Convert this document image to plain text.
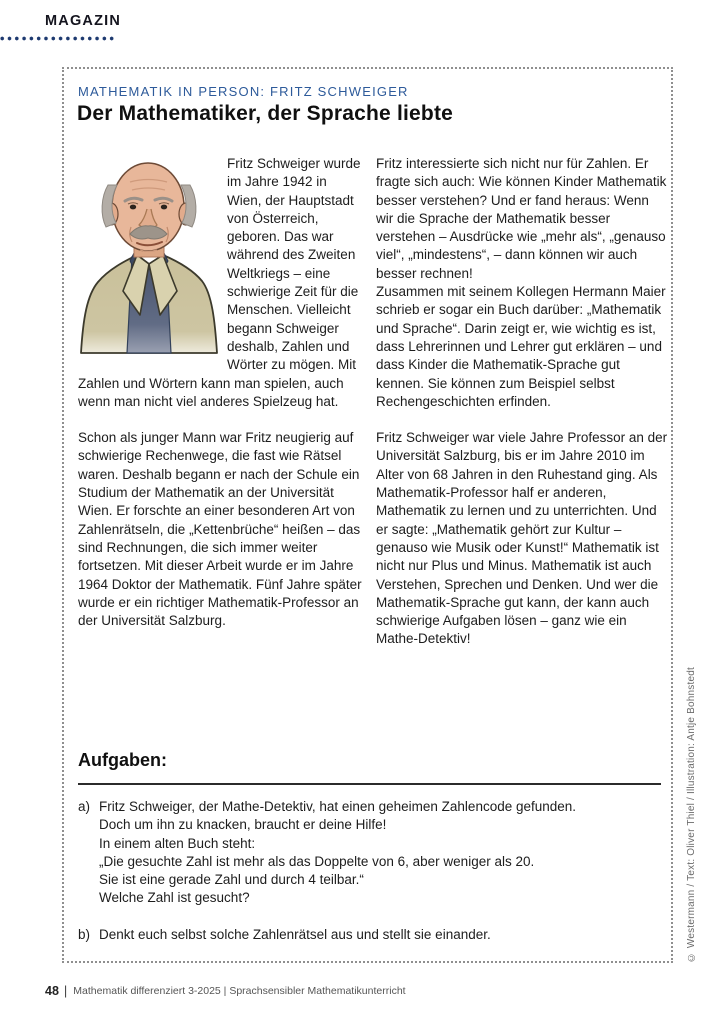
MAGAZIN
MATHEMATIK IN PERSON: FRITZ SCHWEIGER
Der Mathematiker, der Sprache liebte

Fritz Schweiger wurde im Jahre 1942 in Wien, der Hauptstadt von Österreich, geboren. Das war während des Zweiten Weltkriegs – eine schwierige Zeit für die Menschen. Vielleicht begann Schweiger deshalb, Zahlen und Wörter zu mögen. Mit Zahlen und Wörtern kann man spielen, auch wenn man nicht viel anderes Spielzeug hat.

Schon als junger Mann war Fritz neugierig auf schwierige Rechenwege, die fast wie Rätsel waren. Deshalb begann er nach der Schule ein Studium der Mathematik an der Universität Wien. Er forschte an einer besonderen Art von Zahlenrätseln, die „Kettenbrüche“ heißen – das sind Rechnungen, die sich immer weiter fortsetzen. Mit dieser Arbeit wurde er im Jahre 1964 Doktor der Mathematik. Fünf Jahre später wurde er ein richtiger Mathematik-Professor an der Universität Salzburg.

Fritz interessierte sich nicht nur für Zahlen. Er fragte sich auch: Wie können Kinder Mathematik besser verstehen? Und er fand heraus: Wenn wir die Sprache der Mathematik besser verstehen – Ausdrücke wie „mehr als“, „genauso viel“, „mindestens“, – dann können wir auch besser rechnen!

Zusammen mit seinem Kollegen Hermann Maier schrieb er sogar ein Buch darüber: „Mathematik und Sprache“. Darin zeigt er, wie wichtig es ist, dass Lehrerinnen und Lehrer gut erklären – und dass Kinder die Mathematik-Sprache gut kennen. Sie können zum Beispiel selbst Rechengeschichten erfinden.

Fritz Schweiger war viele Jahre Professor an der Universität Salzburg, bis er im Jahre 2010 im Alter von 68 Jahren in den Ruhestand ging. Als Mathematik-Professor half er anderen, Mathematik zu lernen und zu unterrichten. Und er sagte: „Mathematik gehört zur Kultur – genauso wie Musik oder Kunst!“ Mathematik ist nicht nur Plus und Minus. Mathematik ist auch Verstehen, Sprechen und Denken. Und wer die Mathematik-Sprache gut kann, der kann auch schwierige Aufgaben lösen – ganz wie ein Mathe-Detektiv!

Aufgaben:
a) Fritz Schweiger, der Mathe-Detektiv, hat einen geheimen Zahlencode gefunden.
Doch um ihn zu knacken, braucht er deine Hilfe!
In einem alten Buch steht:
„Die gesuchte Zahl ist mehr als das Doppelte von 6, aber weniger als 20.
Sie ist eine gerade Zahl und durch 4 teilbar.“
Welche Zahl ist gesucht?
b) Denkt euch selbst solche Zahlenrätsel aus und stellt sie einander.	© Westermann / Text: Oliver Thiel / Illustration: Antje Bohnstedt
48 | Mathematik differenziert 3-2025 | Sprachsensibler Mathematikunterricht
